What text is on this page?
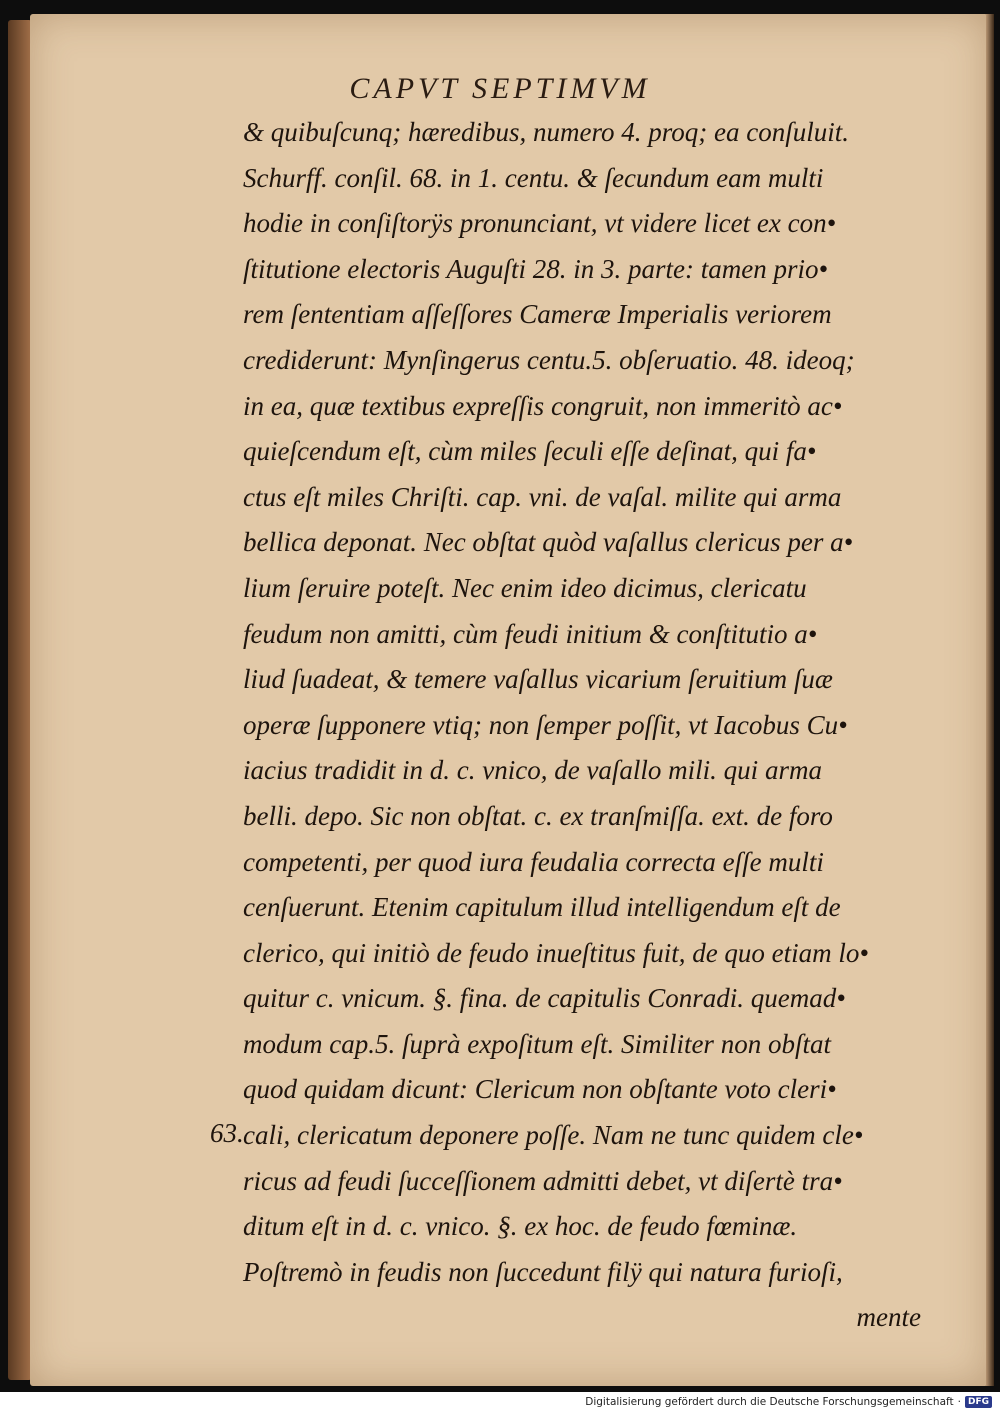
CAPVT SEPTIMVM
& quibuſcunq; hæredibus, numero 4. proq; ea conſuluit.
Schurff. conſil. 68. in 1. centu. & ſecundum eam multi
hodie in conſiſtorÿs pronunciant, vt videre licet ex con•
ſtitutione electoris Auguſti 28. in 3. parte: tamen prio•
rem ſententiam aſſeſſores Cameræ Imperialis veriorem
crediderunt: Mynſingerus centu.5. obſeruatio. 48. ideoq;
in ea, quæ textibus expreſſis congruit, non immeritò ac•
quieſcendum eſt, cùm miles ſeculi eſſe deſinat, qui fa•
ctus eſt miles Chriſti. cap. vni. de vaſal. milite qui arma
bellica deponat. Nec obſtat quòd vaſallus clericus per a•
lium ſeruire poteſt. Nec enim ideo dicimus, clericatu
feudum non amitti, cùm feudi initium & conſtitutio a•
liud ſuadeat, & temere vaſallus vicarium ſeruitium ſuæ
operæ ſupponere vtiq; non ſemper poſſit, vt Iacobus Cu•
iacius tradidit in d. c. vnico, de vaſallo mili. qui arma
belli. depo. Sic non obſtat. c. ex tranſmiſſa. ext. de foro
competenti, per quod iura feudalia correcta eſſe multi
cenſuerunt. Etenim capitulum illud intelligendum eſt de
clerico, qui initiò de feudo inueſtitus fuit, de quo etiam lo•
quitur c. vnicum. §. fina. de capitulis Conradi. quemad•
modum cap.5. ſuprà expoſitum eſt. Similiter non obſtat
quod quidam dicunt: Clericum non obſtante voto cleri•
cali, clericatum deponere poſſe. Nam ne tunc quidem cle•
ricus ad feudi ſucceſſionem admitti debet, vt diſertè tra•
ditum eſt in d. c. vnico. §. ex hoc. de feudo fœminæ.
Poſtremò in feudis non ſuccedunt filÿ qui natura furioſi,
mente
63.
Digitalisierung gefördert durch die Deutsche Forschungsgemeinschaft · DFG
